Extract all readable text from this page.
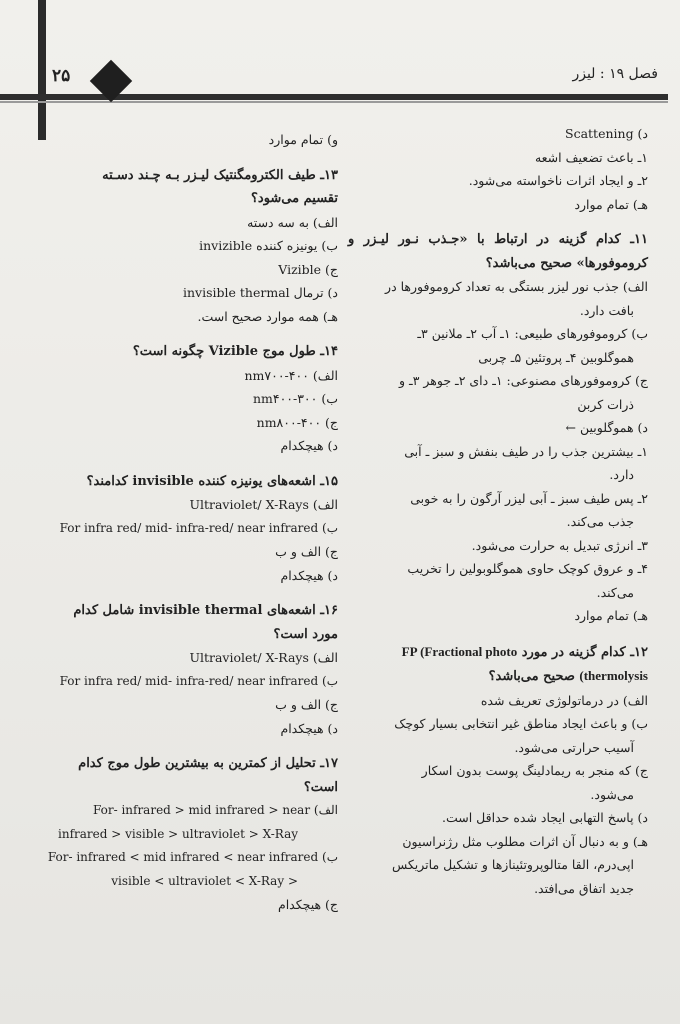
۲۵	فصل ۱۹ : لیزر
د) Scattening
۱ـ باعث تضعیف اشعه
۲ـ و ایجاد اثرات ناخواسته می‌شود.
هـ) تمام موارد
۱۱ـ کدام گزینه در ارتباط با «جـذب نـور لیـزر و
کروموفورها» صحیح می‌باشد؟
الف) جذب نور لیزر بستگی به تعداد کروموفورها در
بافت دارد.
ب) کروموفورهای طبیعی: ۱ـ آب ۲ـ ملانین ۳ـ
هموگلوبین ۴ـ پروتئین ۵ـ چربی
ج) کروموفورهای مصنوعی: ۱ـ دای ۲ـ جوهر ۳ـ و
ذرات کربن
د) هموگلوبین ←
۱ـ بیشترین جذب را در طیف بنفش و سبز ـ آبی
دارد.
۲ـ پس طیف سبز ـ آبی لیزر آرگون را به خوبی
جذب می‌کند.
۳ـ انرژی تبدیل به حرارت می‌شود.
۴ـ و عروق کوچک حاوی هموگلوبولین را تخریب
می‌کند.
هـ) تمام موارد
۱۲ـ کدام گزینه در مورد FP (Fractional photo
(thermolysis صحیح می‌باشد؟
الف) در درماتولوژی تعریف شده
ب) و باعث ایجاد مناطق غیر انتخابی بسیار کوچک
آسیب حرارتی می‌شود.
ج) که منجر به ریمادلینگ پوست بدون اسکار
می‌شود.
د) پاسخ التهابی ایجاد شده حداقل است.
هـ) و به دنبال آن اثرات مطلوب مثل رژنراسیون
اپی‌درم، القا متالوپروتئینازها و تشکیل ماتریکس
جدید اتفاق می‌افتد.
و) تمام موارد
۱۳ـ طیف الکترومگنتیک لیـزر بـه چـند دسـته
تقسیم می‌شود؟
الف) به سه دسته
ب) یونیزه کننده invizible
ج) Vizible
د) ترمال invisible thermal
هـ) همه موارد صحیح است.
۱۴ـ طول موج Vizible چگونه است؟
الف) nm۷۰۰-۴۰۰
ب) nm۴۰۰-۳۰۰
ج) nm۸۰۰-۴۰۰
د) هیچکدام
۱۵ـ اشعه‌های یونیزه کننده invisible کدامند؟
الف) Ultraviolet/ X-Rays
ب) For infra red/ mid- infra-red/ near infrared
ج) الف و ب
د) هیچکدام
۱۶ـ اشعه‌های invisible thermal شامل کدام
مورد است؟
الف) Ultraviolet/ X-Rays
ب) For infra red/ mid- infra-red/ near infrared
ج) الف و ب
د) هیچکدام
۱۷ـ تحلیل از کمترین به بیشترین طول موج کدام
است؟
الف) For- infrared > mid infrared > near
infrared > visible > ultraviolet > X-Ray
ب) For- infrared < mid infrared < near infrared
< visible < ultraviolet < X-Ray
ج) هیچکدام
